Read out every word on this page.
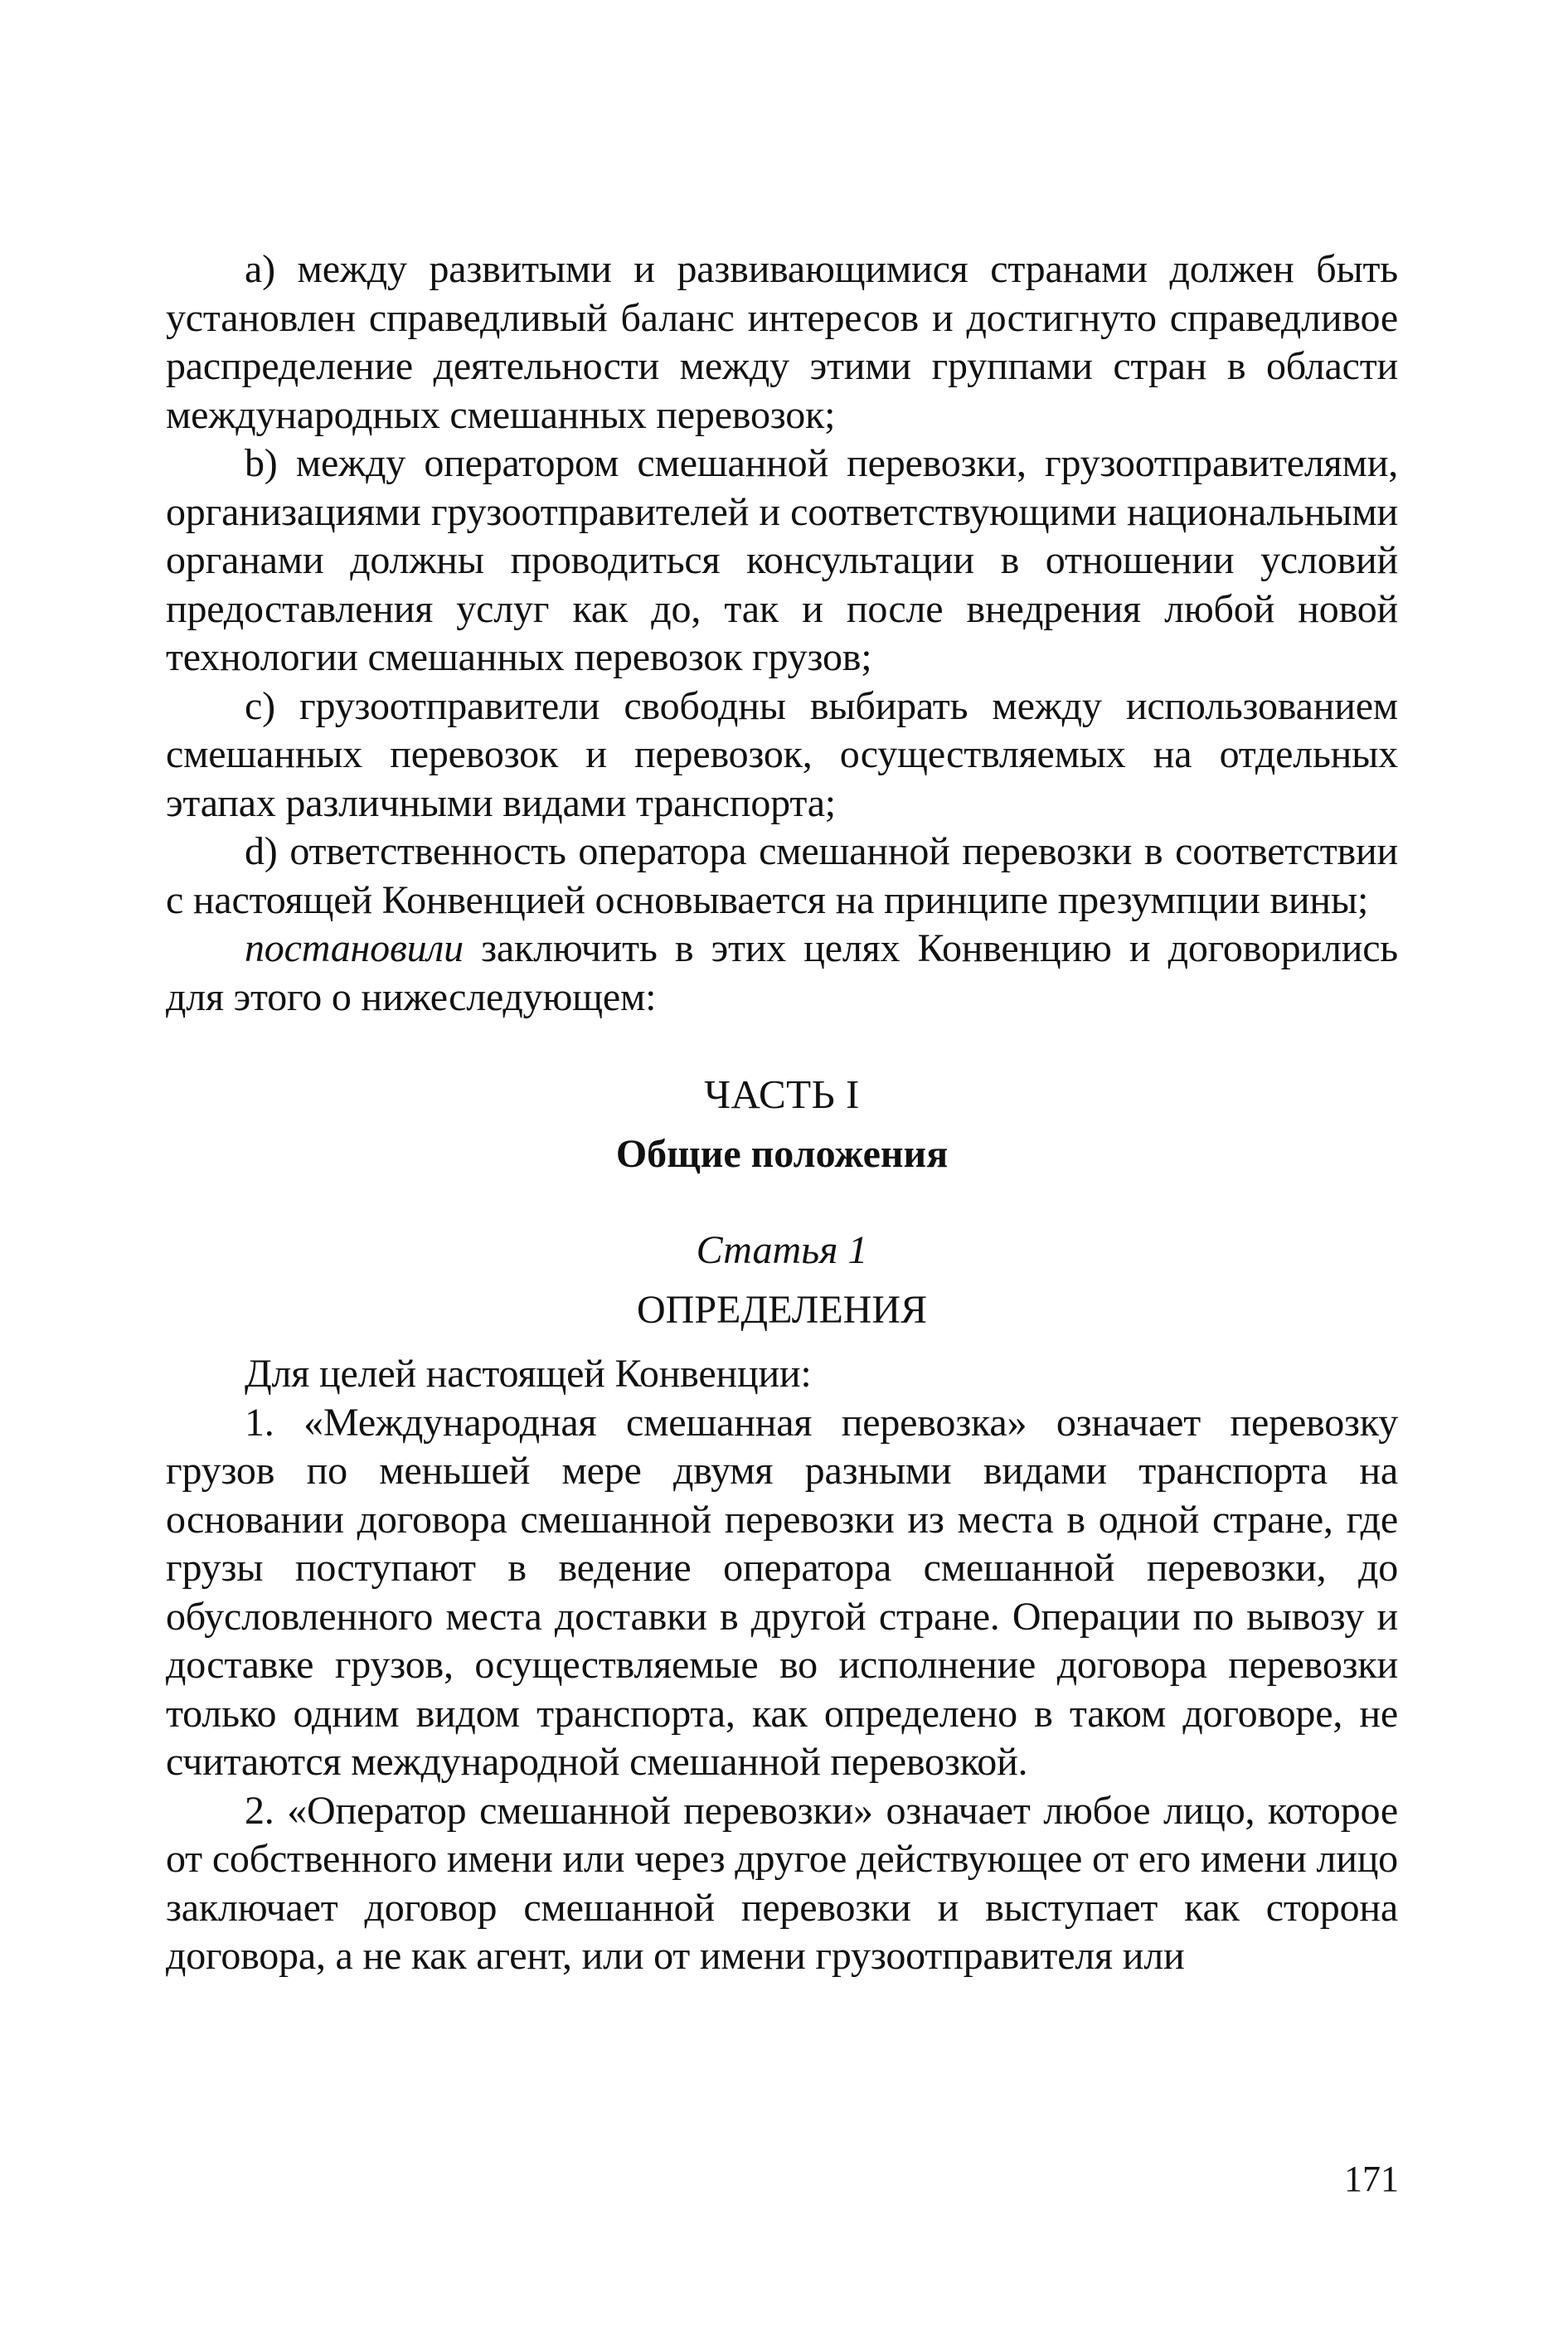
a) между развитыми и развивающимися странами должен быть установлен справедливый баланс интересов и достигнуто справедливое распределение деятельности между этими группами стран в области международных смешанных перевозок;

b) между оператором смешанной перевозки, грузоотправителями, организациями грузоотправителей и соответствующими национальными органами должны проводиться консультации в отношении условий предоставления услуг как до, так и после внедрения любой новой технологии смешанных перевозок грузов;

c) грузоотправители свободны выбирать между использованием смешанных перевозок и перевозок, осуществляемых на отдельных этапах различными видами транспорта;

d) ответственность оператора смешанной перевозки в соответствии с настоящей Конвенцией основывается на принципе презумпции вины;

постановили заключить в этих целях Конвенцию и договорились для этого о нижеследующем:

ЧАСТЬ I
Общие положения
Статья 1
ОПРЕДЕЛЕНИЯ

Для целей настоящей Конвенции:

1. «Международная смешанная перевозка» означает перевозку грузов по меньшей мере двумя разными видами транспорта на основании договора смешанной перевозки из места в одной стране, где грузы поступают в ведение оператора смешанной перевозки, до обусловленного места доставки в другой стране. Операции по вывозу и доставке грузов, осуществляемые во исполнение договора перевозки только одним видом транспорта, как определено в таком договоре, не считаются международной смешанной перевозкой.

2. «Оператор смешанной перевозки» означает любое лицо, которое от собственного имени или через другое действующее от его имени лицо заключает договор смешанной перевозки и выступает как сторона договора, а не как агент, или от имени грузоотправителя или

171
